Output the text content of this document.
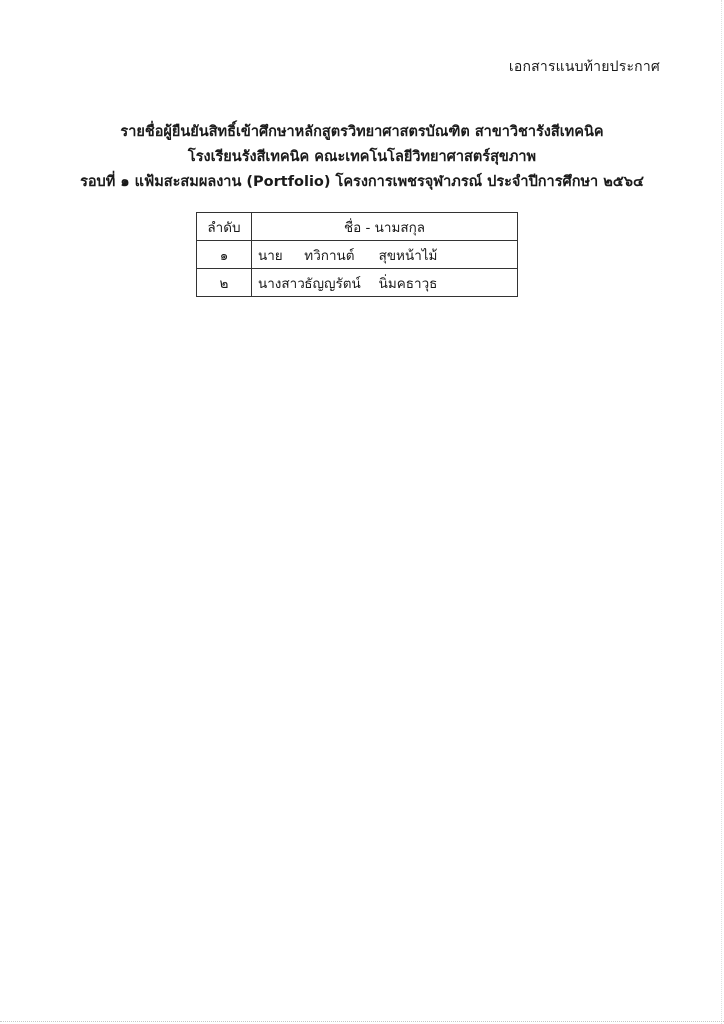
เอกสารแนบท้ายประกาศ
รายชื่อผู้ยืนยันสิทธิ์เข้าศึกษาหลักสูตรวิทยาศาสตรบัณฑิต สาขาวิชารังสีเทคนิค
โรงเรียนรังสีเทคนิค คณะเทคโนโลยีวิทยาศาสตร์สุขภาพ
รอบที่ ๑ แฟ้มสะสมผลงาน (Portfolio) โครงการเพชรจุฬาภรณ์ ประจำปีการศึกษา ๒๕๖๔
ลำดับ	ชื่อ - นามสกุล
๑	นาย ทวิกานต์ สุขหน้าไม้
๒	นางสาว ธัญญรัตน์ นิ่มคธาวุธ
